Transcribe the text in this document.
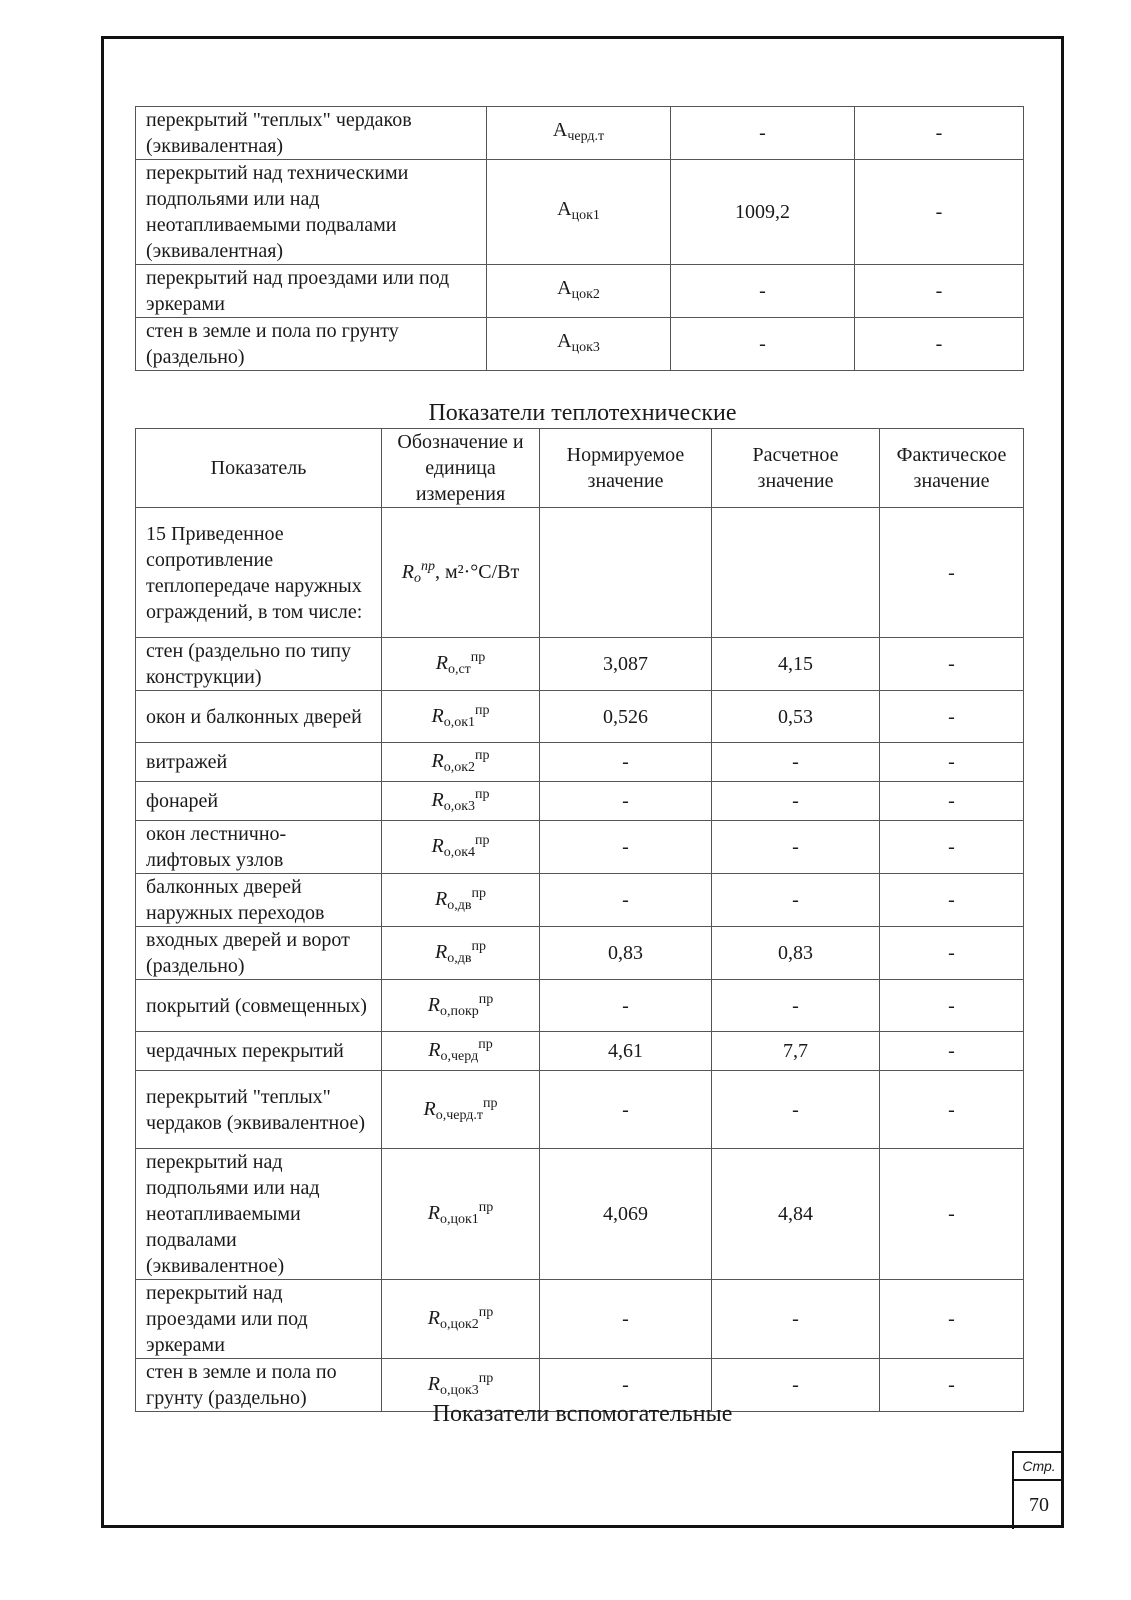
перекрытий "теплых" чердаков (эквивалентная)	$А_{черд.т}$	-	-
перекрытий над техническими подпольями или над неотапливаемыми подвалами (эквивалентная)	$А_{цок1}$	1009,2	-
перекрытий над проездами или под эркерами	$А_{цок2}$	-	-
стен в земле и пола по грунту (раздельно)	$А_{цок3}$	-	-
Показатели теплотехнические
Показатель	Обозначение и единица измерения	Нормируемое значение	Расчетное значение	Фактическое значение
15 Приведенное сопротивление теплопередаче наружных ограждений, в том числе:	$R_o^{пр}$, м²·°С/Вт			-
стен (раздельно по типу конструкции)	$R_{о,ст}^{пр}$	3,087	4,15	-
окон и балконных дверей	$R_{о,ок1}^{пр}$	0,526	0,53	-
витражей	$R_{о,ок2}^{пр}$	-	-	-
фонарей	$R_{о,ок3}^{пр}$	-	-	-
окон лестнично-лифтовых узлов	$R_{о,ок4}^{пр}$	-	-	-
балконных дверей наружных переходов	$R_{о,дв}^{пр}$	-	-	-
входных дверей и ворот (раздельно)	$R_{о,дв}^{пр}$	0,83	0,83	-
покрытий (совмещенных)	$R_{о,покр}^{пр}$	-	-	-
чердачных перекрытий	$R_{о,черд}^{пр}$	4,61	7,7	-
перекрытий "теплых" чердаков (эквивалентное)	$R_{о,черд.т}^{пр}$	-	-	-
перекрытий над подпольями или над неотапливаемыми подвалами (эквивалентное)	$R_{о,цок1}^{пр}$	4,069	4,84	-
перекрытий над проездами или под эркерами	$R_{о,цок2}^{пр}$	-	-	-
стен в земле и пола по грунту (раздельно)	$R_{о,цок3}^{пр}$	-	-	-
Показатели вспомогательные
Стр.
70
